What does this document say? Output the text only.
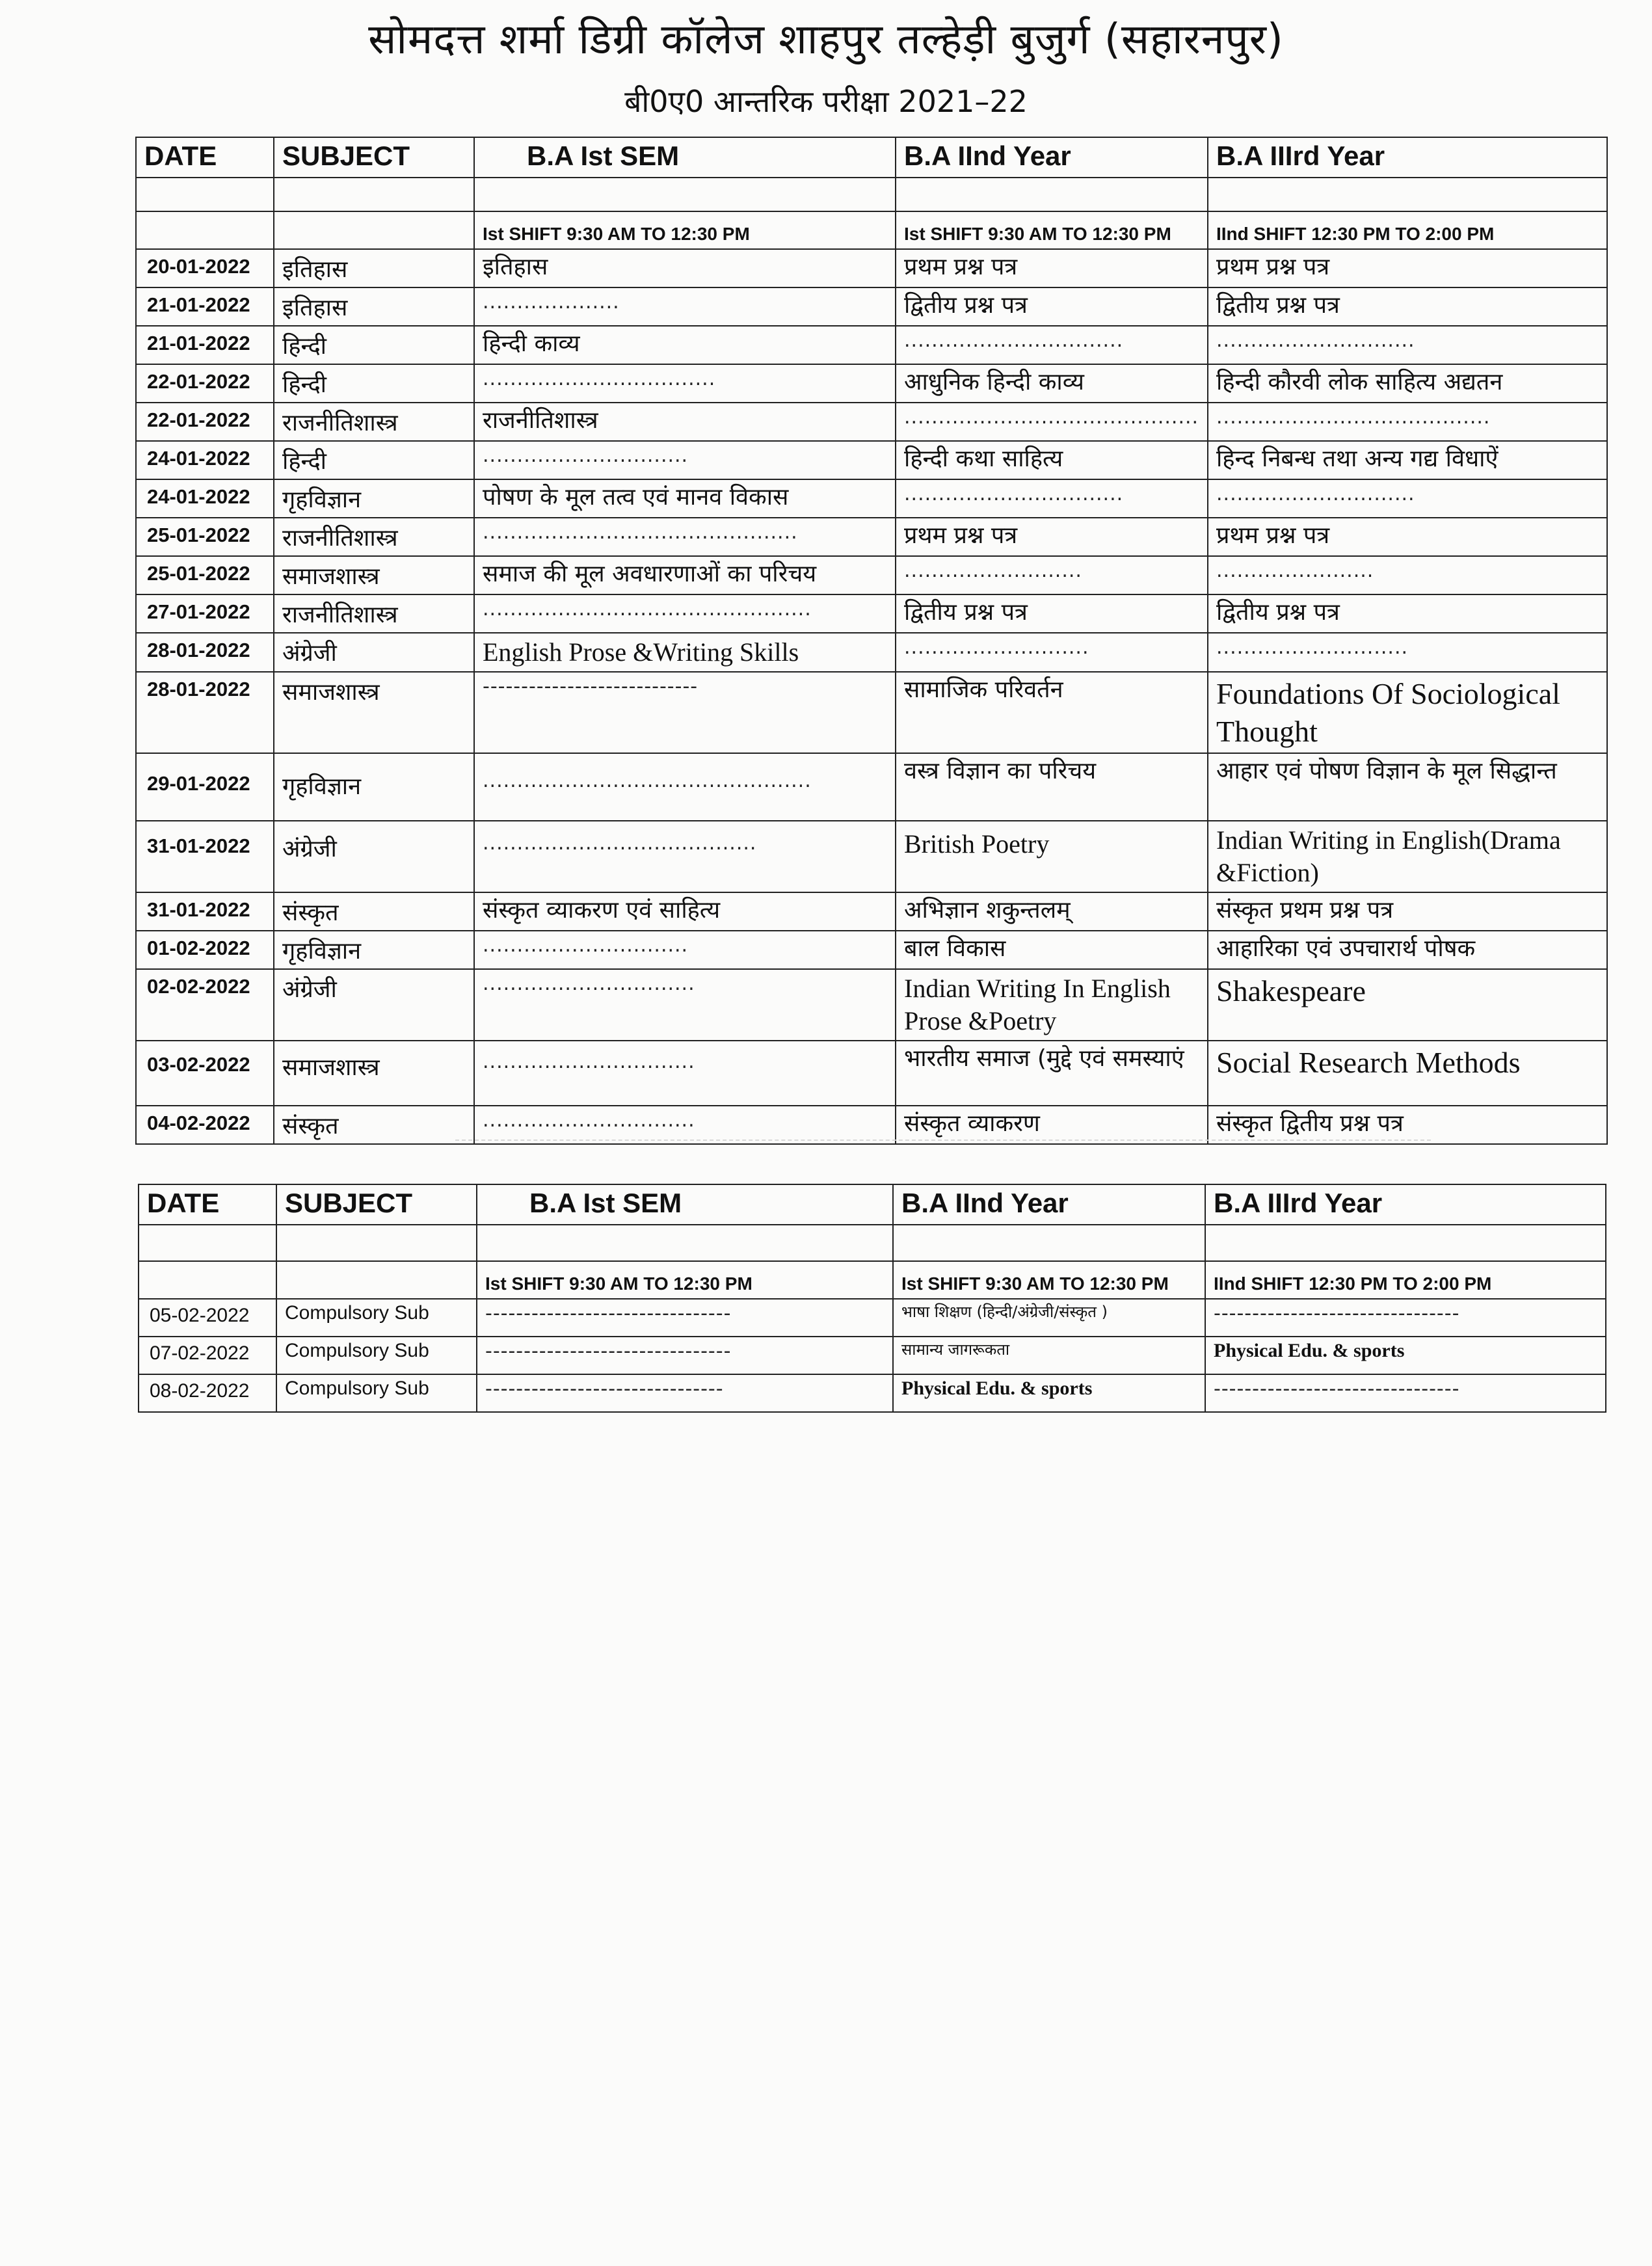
सोमदत्त शर्मा डिग्री कॉलेज शाहपुर तल्हेड़ी बुजुर्ग (सहारनपुर)
बी0ए0 आन्तरिक परीक्षा 2021–22
DATE	SUBJECT	B.A Ist SEM	B.A IInd Year	B.A IIIrd Year

		Ist SHIFT 9:30 AM TO 12:30 PM	Ist SHIFT 9:30 AM TO 12:30 PM	IInd SHIFT 12:30 PM TO 2:00 PM
20-01-2022	इतिहास	इतिहास	प्रथम प्रश्न पत्र	प्रथम प्रश्न पत्र
21-01-2022	इतिहास	....................	द्वितीय प्रश्न पत्र	द्वितीय प्रश्न पत्र
21-01-2022	हिन्दी	हिन्दी काव्य	................................	.............................
22-01-2022	हिन्दी	..................................	आधुनिक हिन्दी काव्य	हिन्दी कौरवी लोक साहित्य अद्यतन
22-01-2022	राजनीतिशास्त्र	राजनीतिशास्त्र	...........................................	........................................
24-01-2022	हिन्दी	..............................	हिन्दी कथा साहित्य	हिन्द निबन्ध तथा अन्य गद्य विधाऐं
24-01-2022	गृहविज्ञान	पोषण के मूल तत्व एवं मानव विकास	................................	.............................
25-01-2022	राजनीतिशास्त्र	..............................................	प्रथम प्रश्न पत्र	प्रथम प्रश्न पत्र
25-01-2022	समाजशास्त्र	समाज की मूल अवधारणाओं का परिचय	..........................	.......................
27-01-2022	राजनीतिशास्त्र	................................................	द्वितीय प्रश्न पत्र	द्वितीय प्रश्न पत्र
28-01-2022	अंग्रेजी	English Prose &Writing Skills	...........................	............................
28-01-2022	समाजशास्त्र	----------------------------	सामाजिक परिवर्तन	Foundations Of Sociological Thought
29-01-2022	गृहविज्ञान	................................................	वस्त्र विज्ञान का परिचय	आहार एवं पोषण विज्ञान के मूल सिद्धान्त
31-01-2022	अंग्रेजी	........................................	British Poetry	Indian Writing in English(Drama &Fiction)
31-01-2022	संस्कृत	संस्कृत व्याकरण एवं साहित्य	अभिज्ञान शकुन्तलम्	संस्कृत प्रथम प्रश्न पत्र
01-02-2022	गृहविज्ञान	..............................	बाल विकास	आहारिका एवं उपचारार्थ पोषक
02-02-2022	अंग्रेजी	...............................	Indian Writing In English Prose &Poetry	Shakespeare
03-02-2022	समाजशास्त्र	...............................	भारतीय समाज (मुद्दे एवं समस्याएं	Social Research Methods
04-02-2022	संस्कृत	...............................	संस्कृत व्याकरण	संस्कृत द्वितीय प्रश्न पत्र
DATE	SUBJECT	B.A Ist SEM	B.A IInd Year	B.A IIIrd Year

		Ist SHIFT 9:30 AM TO 12:30 PM	Ist SHIFT 9:30 AM TO 12:30 PM	IInd SHIFT 12:30 PM TO 2:00 PM
05-02-2022	Compulsory Sub	--------------------------------	भाषा शिक्षण (हिन्दी/अंग्रेजी/संस्कृत )	--------------------------------
07-02-2022	Compulsory Sub	--------------------------------	सामान्य जागरूकता	Physical Edu. & sports
08-02-2022	Compulsory Sub	-------------------------------	Physical Edu. & sports	--------------------------------
